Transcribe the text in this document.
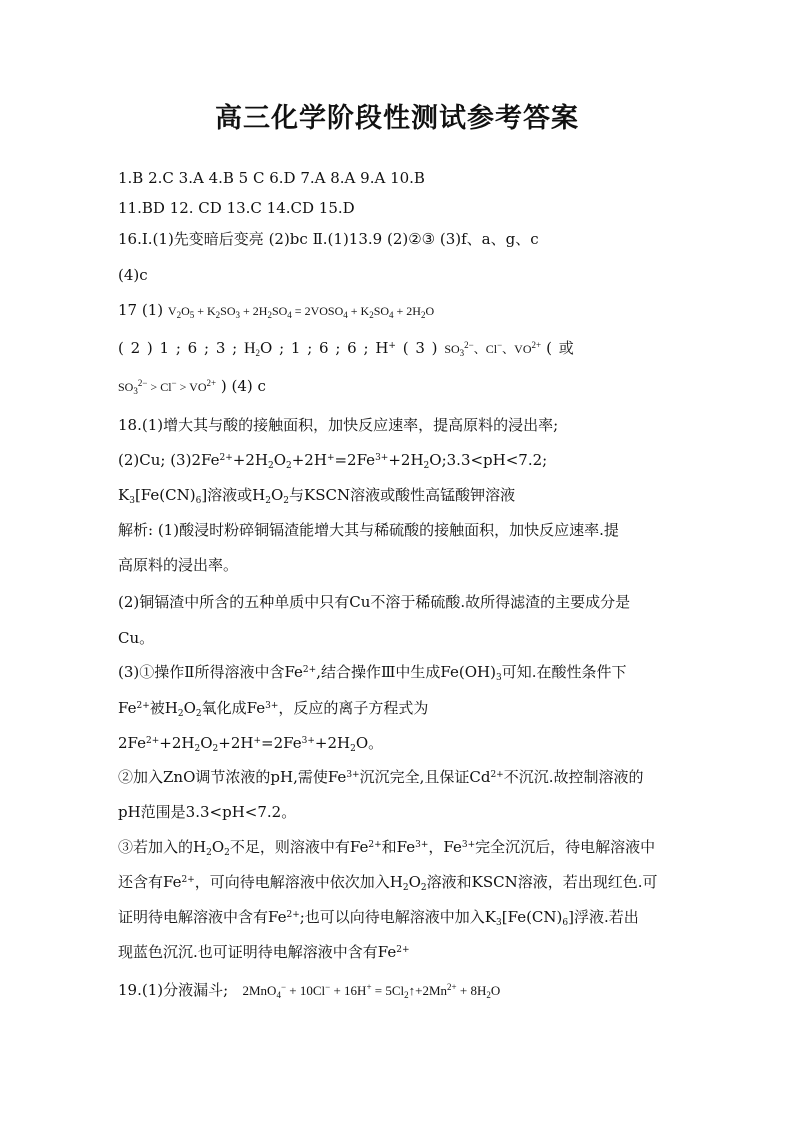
高三化学阶段性测试参考答案
1.B 2.C 3.A 4.B 5 C 6.D 7.A 8.A 9.A 10.B
11.BD 12. CD 13.C 14.CD 15.D
16.Ⅰ.(1)先变暗后变亮 (2)bc Ⅱ.(1)13.9 (2)②③ (3)f、a、g、c
(4)c
17 (1) $V_2O_5 + K_2SO_3 + 2H_2SO_4$ = $2VOSO_4 + K_2SO_4 + 2H_2O$
( 2 ) 1 ; 6 ; 3 ; $H_2O$ ; 1 ; 6 ; 6 ; H+ ( 3 ) $SO_3^{2-}$、Cl−、$VO^{2+}$ ( 或
$SO_3^{2-} > Cl^- > VO^{2+}$ ) (4) c
18.(1)增大其与酸的接触面积，加快反应速率，提高原料的浸出率;
(2)Cu; $(3)2Fe^{2+}+2H_2O_2+2H^+=2Fe^{3+}+2H_2O;3.3<pH<7.2$;
$K_3[Fe(CN)_6]$溶液或$H_2O_2$与KSCN溶液或酸性高锰酸钾溶液
解析: (1)酸浸时粉碎铜镉渣能增大其与稀硫酸的接触面积，加快反应速率.提
高原料的浸出率。
(2)铜镉渣中所含的五种单质中只有Cu不溶于稀硫酸.故所得滤渣的主要成分是
Cu。
(3)①操作Ⅱ所得溶液中含$Fe^{2+}$,结合操作Ⅲ中生成$Fe(OH)_3$可知.在酸性条件下
$Fe^{2+}$被$H_2O_2$氧化成$Fe^{3+}$，反应的离子方程式为
$2Fe^{2+}+2H_2O_2+2H^+=2Fe^{3+}+2H_2O$。
②加入ZnO调节浓液的pH,需使$Fe^{3+}$沉沉完全,且保证$Cd^{2+}$不沉沉.故控制溶液的
pH范围是3.3<pH<7.2。
③若加入的$H_2O_2$不足，则溶液中有$Fe^{2+}$和$Fe^{3+}$，$Fe^{3+}$完全沉沉后，待电解溶液中
还含有$Fe^{2+}$，可向待电解溶液中依次加入$H_2O_2$溶液和KSCN溶液，若出现红色.可
证明待电解溶液中含有$Fe^{2+}$;也可以向待电解溶液中加入$K_3[Fe(CN)_6]$浮液.若出
现蓝色沉沉.也可证明待电解溶液中含有$Fe^{2+}$
19.(1)分液漏斗; $2MnO_4^- + 10Cl^- + 16H^+ = 5Cl_2↑+2Mn^{2+} + 8H_2O$
